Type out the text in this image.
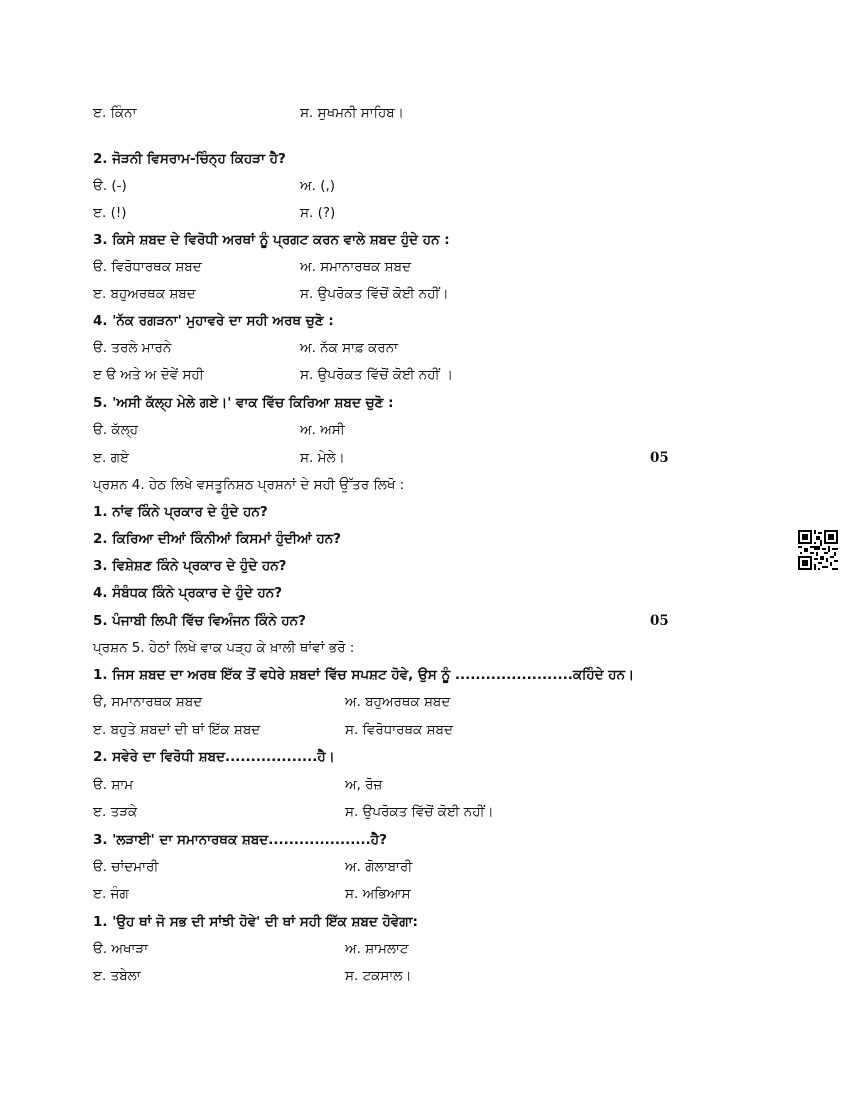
ੲ. ਕਿੰਨਾ	ਸ. ਸੁਖਮਨੀ ਸਾਹਿਬ।
2. ਜੋੜਨੀ ਵਿਸਰਾਮ-ਚਿੰਨ੍ਹ ਕਿਹੜਾ ਹੈ?
ੳ. (-)	ਅ. (,)
ੲ. (!)	ਸ. (?)
3. ਕਿਸੇ ਸ਼ਬਦ ਦੇ ਵਿਰੋਧੀ ਅਰਥਾਂ ਨੂੰ ਪ੍ਰਗਟ ਕਰਨ ਵਾਲੇ ਸ਼ਬਦ ਹੁੰਦੇ ਹਨ :
ੳ. ਵਿਰੋਧਾਰਥਕ ਸ਼ਬਦ	ਅ. ਸਮਾਨਾਰਥਕ ਸ਼ਬਦ
ੲ. ਬਹੁਅਰਥਕ ਸ਼ਬਦ	ਸ. ਉਪਰੋਕਤ ਵਿੱਚੋਂ ਕੋਈ ਨਹੀਂ।
4. 'ਨੱਕ ਰਗੜਨਾ' ਮੁਹਾਵਰੇ ਦਾ ਸਹੀ ਅਰਥ ਚੁਣੋ :
ੳ. ਤਰਲੇ ਮਾਰਨੇ	ਅ. ਨੱਕ ਸਾਫ਼ ਕਰਨਾ
ੲ ੳ ਅਤੇ ਅ ਦੋਵੇਂ ਸਹੀ	ਸ. ਉਪਰੋਕਤ ਵਿੱਚੋਂ ਕੋਈ ਨਹੀਂ ।
5. 'ਅਸੀ ਕੱਲ੍ਹ ਮੇਲੇ ਗਏ।' ਵਾਕ ਵਿੱਚ ਕਿਰਿਆ ਸ਼ਬਦ ਚੁਣੋ :
ੳ. ਕੱਲ੍ਹ	ਅ. ਅਸੀ
ੲ. ਗਏ	ਸ. ਮੇਲੇ।	05
ਪ੍ਰਸ਼ਨ 4. ਹੇਠ ਲਿਖੇ ਵਸਤੂਨਿਸ਼ਠ ਪ੍ਰਸ਼ਨਾਂ ਦੇ ਸਹੀ ਉੱਤਰ ਲਿਖੋ :
1. ਨਾਂਵ ਕਿੰਨੇ ਪ੍ਰਕਾਰ ਦੇ ਹੁੰਦੇ ਹਨ?
2. ਕਿਰਿਆ ਦੀਆਂ ਕਿੰਨੀਆਂ ਕਿਸਮਾਂ ਹੁੰਦੀਆਂ ਹਨ?
3. ਵਿਸ਼ੇਸ਼ਣ ਕਿੰਨੇ ਪ੍ਰਕਾਰ ਦੇ ਹੁੰਦੇ ਹਨ?
4. ਸੰਬੰਧਕ ਕਿੰਨੇ ਪ੍ਰਕਾਰ ਦੇ ਹੁੰਦੇ ਹਨ?
5. ਪੰਜਾਬੀ ਲਿਪੀ ਵਿੱਚ ਵਿਅੰਜਨ ਕਿੰਨੇ ਹਨ?	05
ਪ੍ਰਸ਼ਨ 5. ਹੇਠਾਂ ਲਿਖੇ ਵਾਕ ਪੜ੍ਹ ਕੇ ਖ਼ਾਲੀ ਥਾਂਵਾਂ ਭਰੋ :
1. ਜਿਸ ਸ਼ਬਦ ਦਾ ਅਰਥ ਇੱਕ ਤੋਂ ਵਧੇਰੇ ਸ਼ਬਦਾਂ ਵਿੱਚ ਸਪਸ਼ਟ ਹੋਵੇ, ਉਸ ਨੂੰ .......................ਕਹਿੰਦੇ ਹਨ।
ੳ, ਸਮਾਨਾਰਥਕ ਸ਼ਬਦ	ਅ. ਬਹੁਅਰਥਕ ਸ਼ਬਦ
ੲ. ਬਹੁਤੇ ਸ਼ਬਦਾਂ ਦੀ ਥਾਂ ਇੱਕ ਸ਼ਬਦ	ਸ. ਵਿਰੋਧਾਰਥਕ ਸ਼ਬਦ
2. ਸਵੇਰੇ ਦਾ ਵਿਰੋਧੀ ਸ਼ਬਦ..................ਹੈ।
ੳ. ਸ਼ਾਮ	ਅ, ਰੋਜ਼
ੲ. ਤੜਕੇ	ਸ. ਉਪਰੋਕਤ ਵਿੱਚੋਂ ਕੋਈ ਨਹੀਂ।
3. 'ਲੜਾਈ' ਦਾ ਸਮਾਨਾਰਥਕ ਸ਼ਬਦ....................ਹੈ?
ੳ. ਚਾਂਦਮਾਰੀ	ਅ. ਗੋਲਾਬਾਰੀ
ੲ. ਜੰਗ	ਸ. ਅਭਿਆਸ
1. 'ਉਹ ਥਾਂ ਜੋ ਸਭ ਦੀ ਸਾਂਝੀ ਹੋਵੇ' ਦੀ ਥਾਂ ਸਹੀ ਇੱਕ ਸ਼ਬਦ ਹੋਵੇਗਾ:
ੳ. ਅਖਾੜਾ	ਅ. ਸ਼ਾਮਲਾਟ
ੲ. ਤਬੇਲਾ	ਸ. ਟਕਸਾਲ।
